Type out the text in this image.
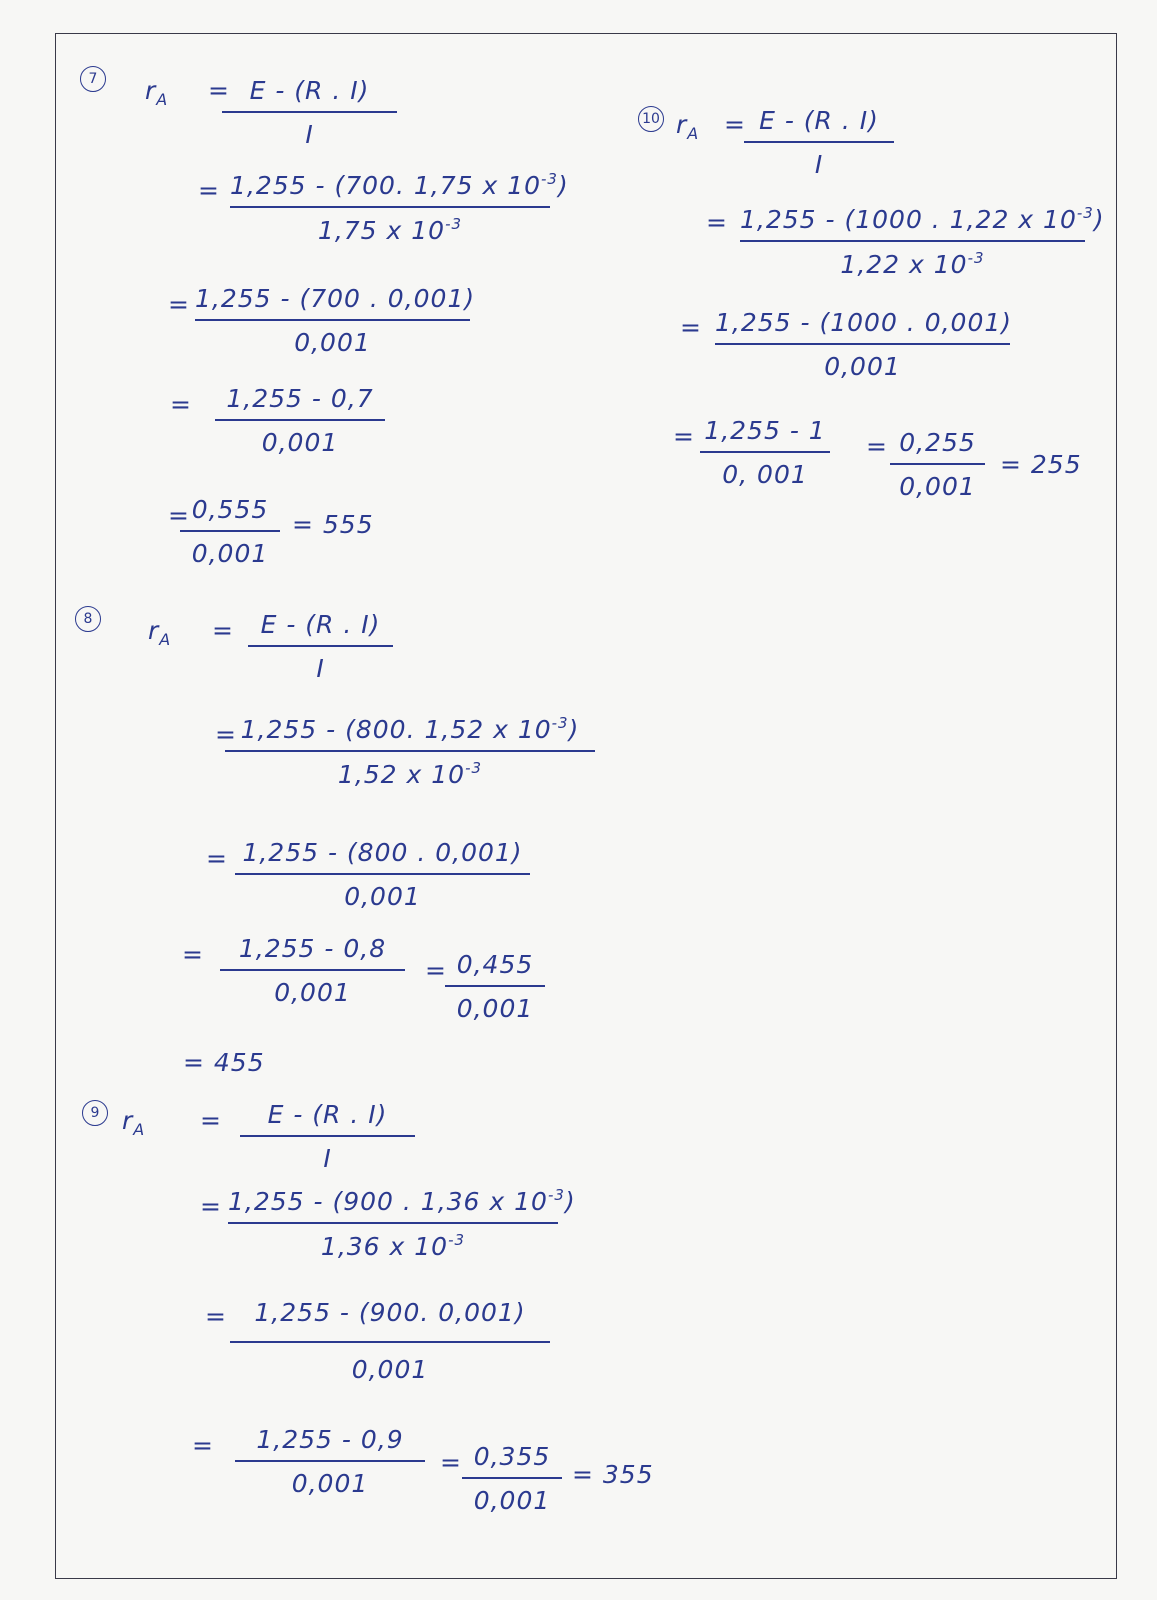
7	$r_A = E - (R$ . I)
I
= 1,255 - (700. 1,75 x $10^{-3}$)
1,75 x $10^{-3}$
= 1,255 - (700 . 0,001)
0,001
=	1,255 - 0,7
0,001
= 0,555
0,001
= 555
8	$r_A$ =	E - (R . I)
I
= 1,255 - (800. 1,52 x $10^{-3}$)
1,52 x $10^{-3}$
= 1,255 - (800 . 0,001)
0,001
=	1,255 - 0,8
0,001
= 0,455
0,001
= 455
9 $r_A$ =	E - (R . I)
I
= 1,255 - (900 . 1,36 x $10^{-3}$)
1,36 x $10^{-3}$
=	1,255 - (900. 0,001)
0,001
=	1,255 - 0,9
0,001
= 0,355
0,001
= 355
10 $r_A = E - (R$ . I)
I
= 1,255 - (1000 . 1,22 x $10^{-3}$)
1,22 x $10^{-3}$
= 1,255 - (1000 . 0,001)
0,001
= 1,255 - 1
0, 001
= 0,255
0,001
= 255
